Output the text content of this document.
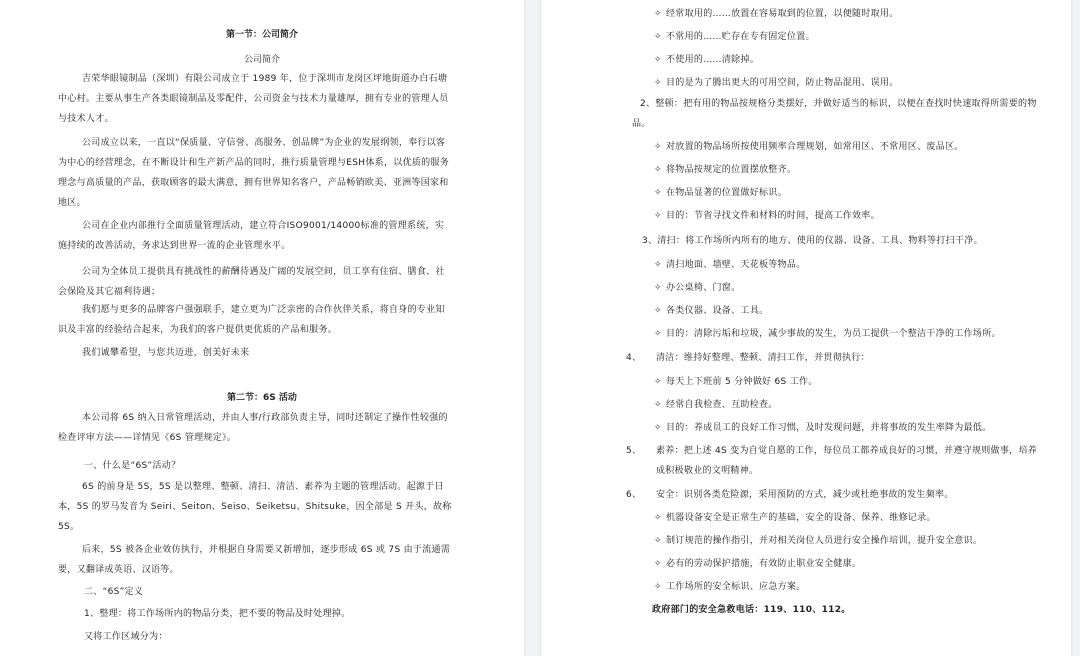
第一节：公司简介
公司简介

吉荣华眼镜制品（深圳）有限公司成立于 1989 年，位于深圳市龙岗区坪地街道办白石塘中心村。主要从事生产各类眼镜制品及零配件，公司资金与技术力量雄厚，拥有专业的管理人员与技术人才。

公司成立以来，一直以“保质量、守信誉、高服务、创品牌”为企业的发展纲领，奉行以客为中心的经营理念，在不断设计和生产新产品的同时，推行质量管理与ESH体系，以优质的服务理念与高质量的产品，获取顾客的最大满意，拥有世界知名客户，产品畅销欧美、亚洲等国家和地区。

公司在企业内部推行全面质量管理活动，建立符合ISO9001/14000标准的管理系统，实施持续的改善活动，务求达到世界一流的企业管理水平。

公司为全体员工提供具有挑战性的薪酬待遇及广阔的发展空间，员工享有住宿、膳食、社会保险及其它福利待遇；

我们愿与更多的品牌客户强强联手，建立更为广泛亲密的合作伙伴关系，将自身的专业知识及丰富的经验结合起来，为我们的客户提供更优质的产品和服务。

我们诚攀希望，与您共迈进，创美好未来

第二节：6S 活动

本公司将 6S 纳入日常管理活动，并由人事/行政部负责主导，同时还制定了操作性较强的检查评审方法——详情见《6S 管理规定》。

一、什么是“6S”活动？

6S 的前身是 5S，5S 是以整理、整顿、清扫、清洁、素养为主题的管理活动。起源于日本，5S 的罗马发音为 Seiri、Seiton、Seiso、Seiketsu、Shitsuke，因全部是 S 开头，故称 5S。

后来，5S 被各企业效仿执行，并根据自身需要又新增加，逐步形成 6S 或 7S 由于流通需要，又翻译成英语、汉语等。

二、“6S”定义

1、整理：将工作场所内的物品分类，把不要的物品及时处理掉。

又将工作区域分为：

✧ 经常取用的……放置在容易取到的位置，以便随时取用。
✧ 不常用的……贮存在专有固定位置。
✧ 不使用的……清除掉。
✧ 目的是为了腾出更大的可用空间，防止物品混用、误用。

2、整顿：把有用的物品按规格分类摆好，并做好适当的标识，以便在查找时快速取得所需要的物品。

✧ 对放置的物品场所按使用频率合理规划，如常用区、不常用区、废品区。
✧ 将物品按规定的位置摆放整齐。
✧ 在物品显著的位置做好标识。
✧ 目的：节省寻找文件和材料的时间，提高工作效率。
3、清扫：将工作场所内所有的地方、使用的仪器、设备、工具、物料等打扫干净。
✧ 清扫地面、墙壁、天花板等物品。
✧ 办公桌椅、门窗。
✧ 各类仪器、设备、工具。
✧ 目的：清除污垢和垃圾，减少事故的发生，为员工提供一个整洁干净的工作场所。
4、 清洁：维持好整理、整顿、清扫工作，并贯彻执行：
✧ 每天上下班前 5 分钟做好 6S 工作。
✧ 经常自我检查、互助检查。
✧ 目的：养成员工的良好工作习惯，及时发现问题，并将事故的发生率降为最低。
5、 素养：把上述 4S 变为自觉自愿的工作，每位员工都养成良好的习惯，并遵守规则做事，培养成积极敬业的文明精神。

6、 安全：识别各类危险源，采用预防的方式，减少或杜绝事故的发生频率。
✧ 机器设备安全是正常生产的基础，安全的设备、保养、维修记录。
✧ 制订规范的操作指引，并对相关岗位人员进行安全操作培训，提升安全意识。
✧ 必有的劳动保护措施，有效防止职业安全健康。
✧ 工作场所的安全标识、应急方案。
政府部门的安全急救电话：119、110、112。
